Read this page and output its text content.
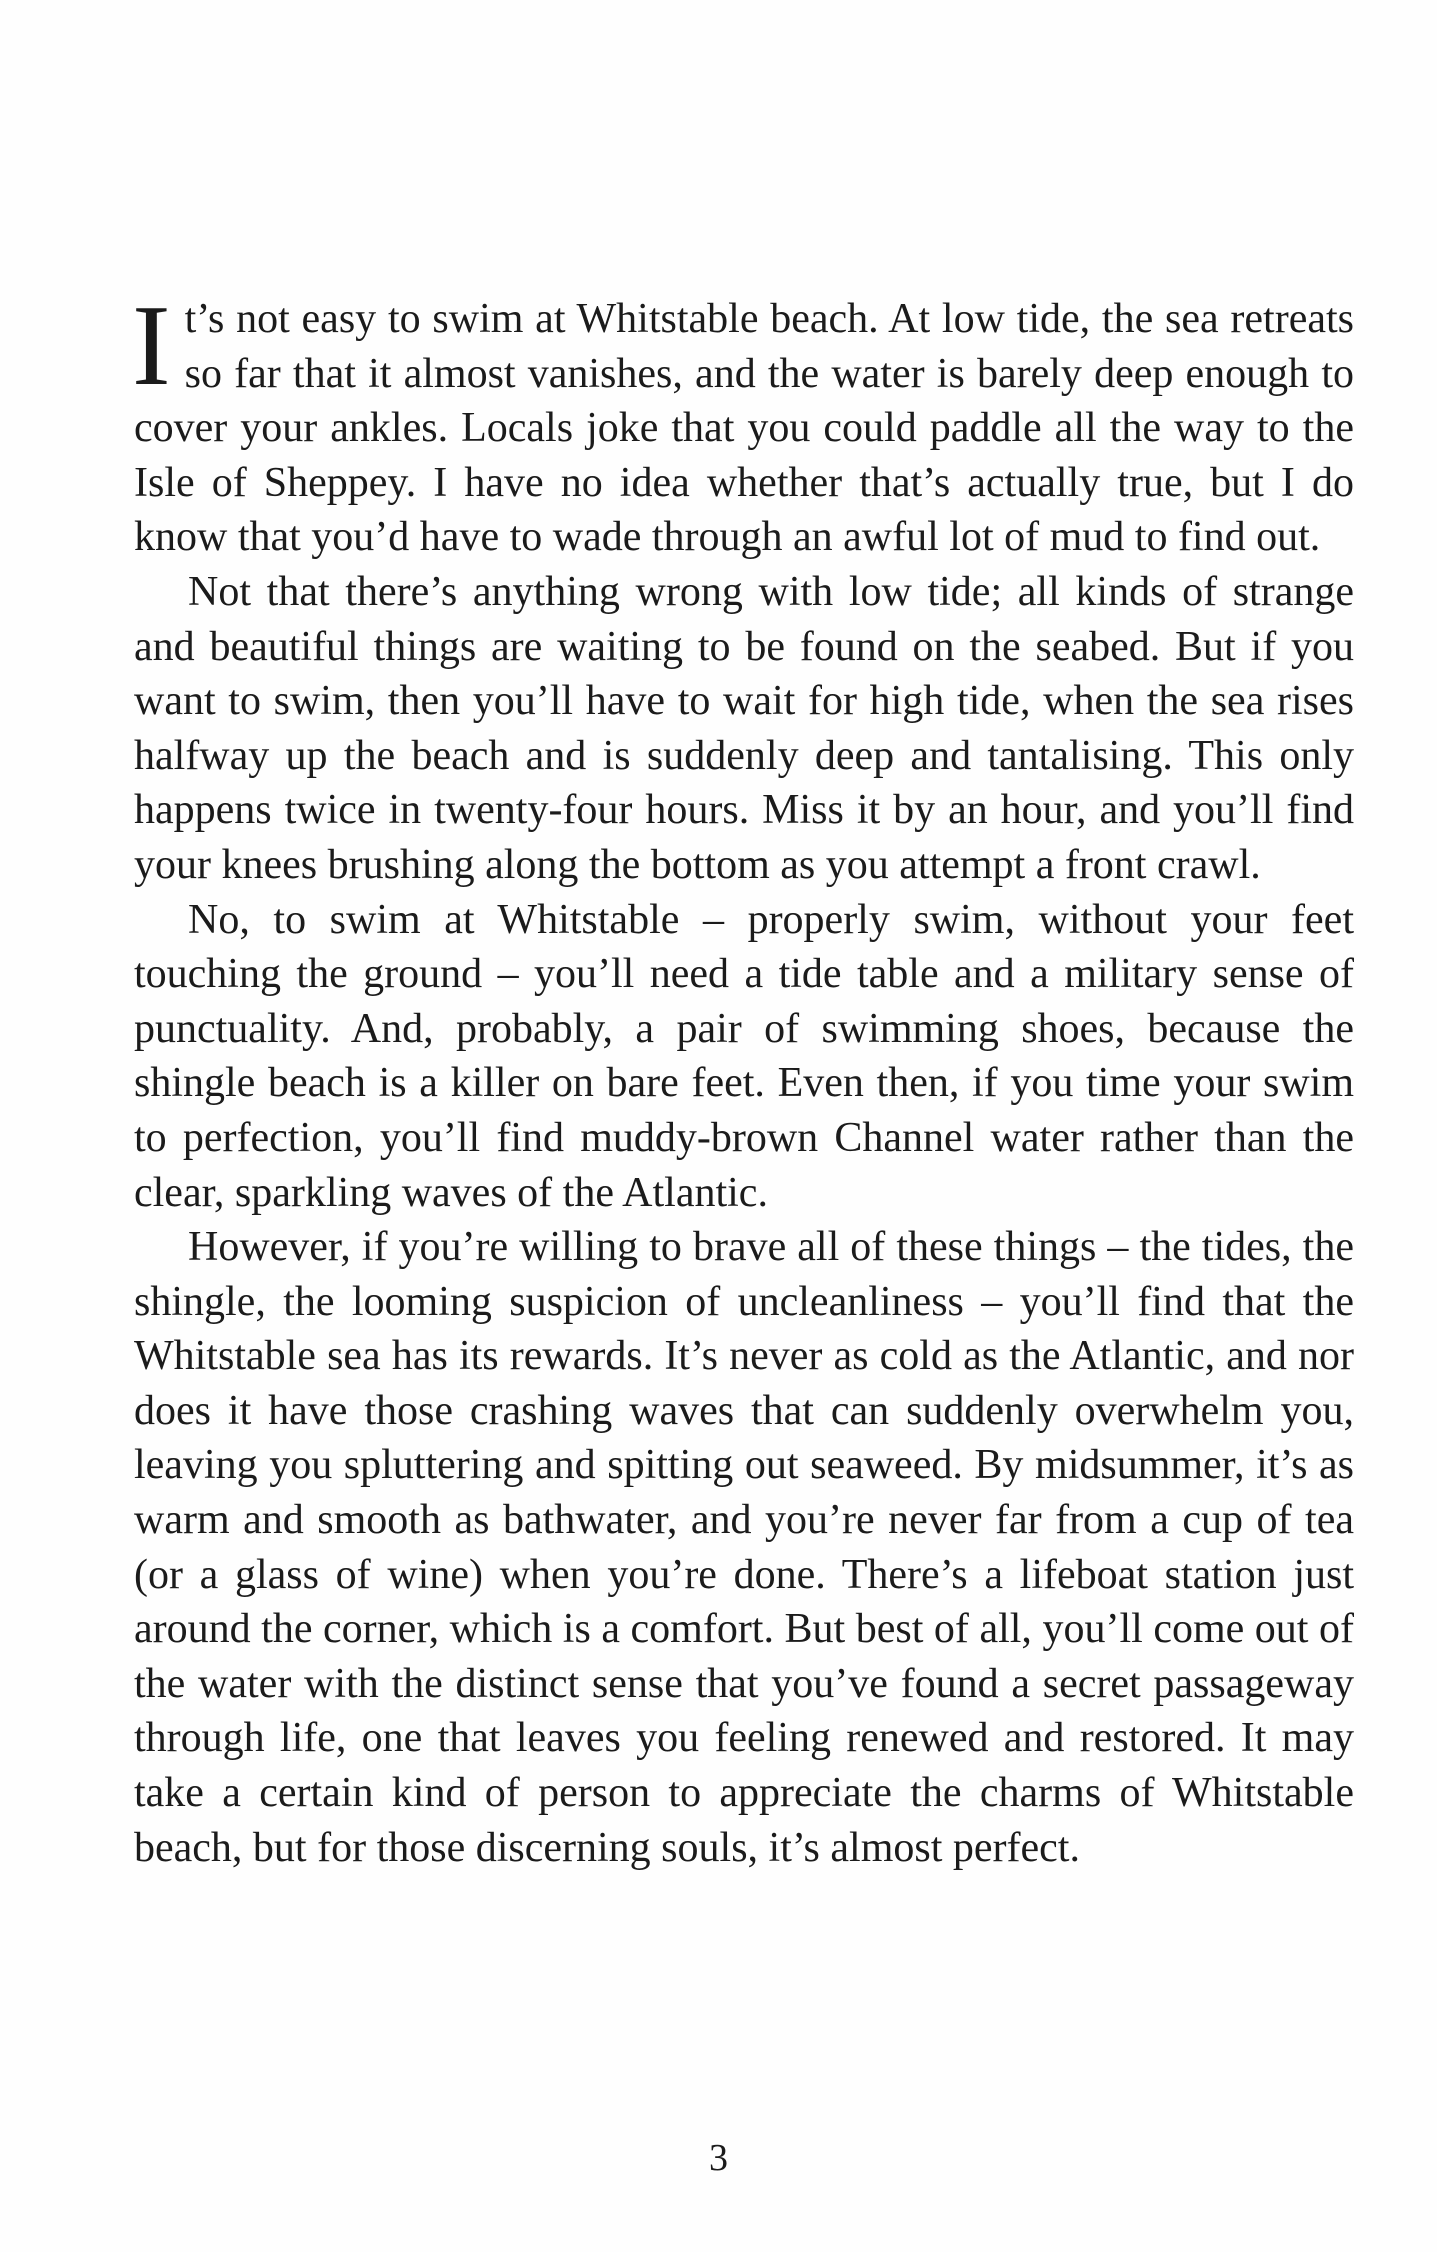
It’s not easy to swim at Whitstable beach. At low tide, the sea retreats so far that it almost vanishes, and the water is barely deep enough to cover your ankles. Locals joke that you could paddle all the way to the Isle of Sheppey. I have no idea whether that’s actually true, but I do know that you’d have to wade through an awful lot of mud to find out.

Not that there’s anything wrong with low tide; all kinds of strange and beautiful things are waiting to be found on the seabed. But if you want to swim, then you’ll have to wait for high tide, when the sea rises halfway up the beach and is suddenly deep and tantalising. This only happens twice in twenty-four hours. Miss it by an hour, and you’ll find your knees brushing along the bottom as you attempt a front crawl.

No, to swim at Whitstable – properly swim, without your feet touching the ground – you’ll need a tide table and a military sense of punctuality. And, probably, a pair of swimming shoes, because the shingle beach is a killer on bare feet. Even then, if you time your swim to perfection, you’ll find muddy-brown Channel water rather than the clear, sparkling waves of the Atlantic.

However, if you’re willing to brave all of these things – the tides, the shingle, the looming suspicion of uncleanliness – you’ll find that the Whitstable sea has its rewards. It’s never as cold as the Atlantic, and nor does it have those crashing waves that can suddenly overwhelm you, leaving you spluttering and spitting out seaweed. By midsummer, it’s as warm and smooth as bathwater, and you’re never far from a cup of tea (or a glass of wine) when you’re done. There’s a lifeboat station just around the corner, which is a comfort. But best of all, you’ll come out of the water with the distinct sense that you’ve found a secret passageway through life, one that leaves you feeling renewed and restored. It may take a certain kind of person to appreciate the charms of Whitstable beach, but for those discerning souls, it’s almost perfect.

3
